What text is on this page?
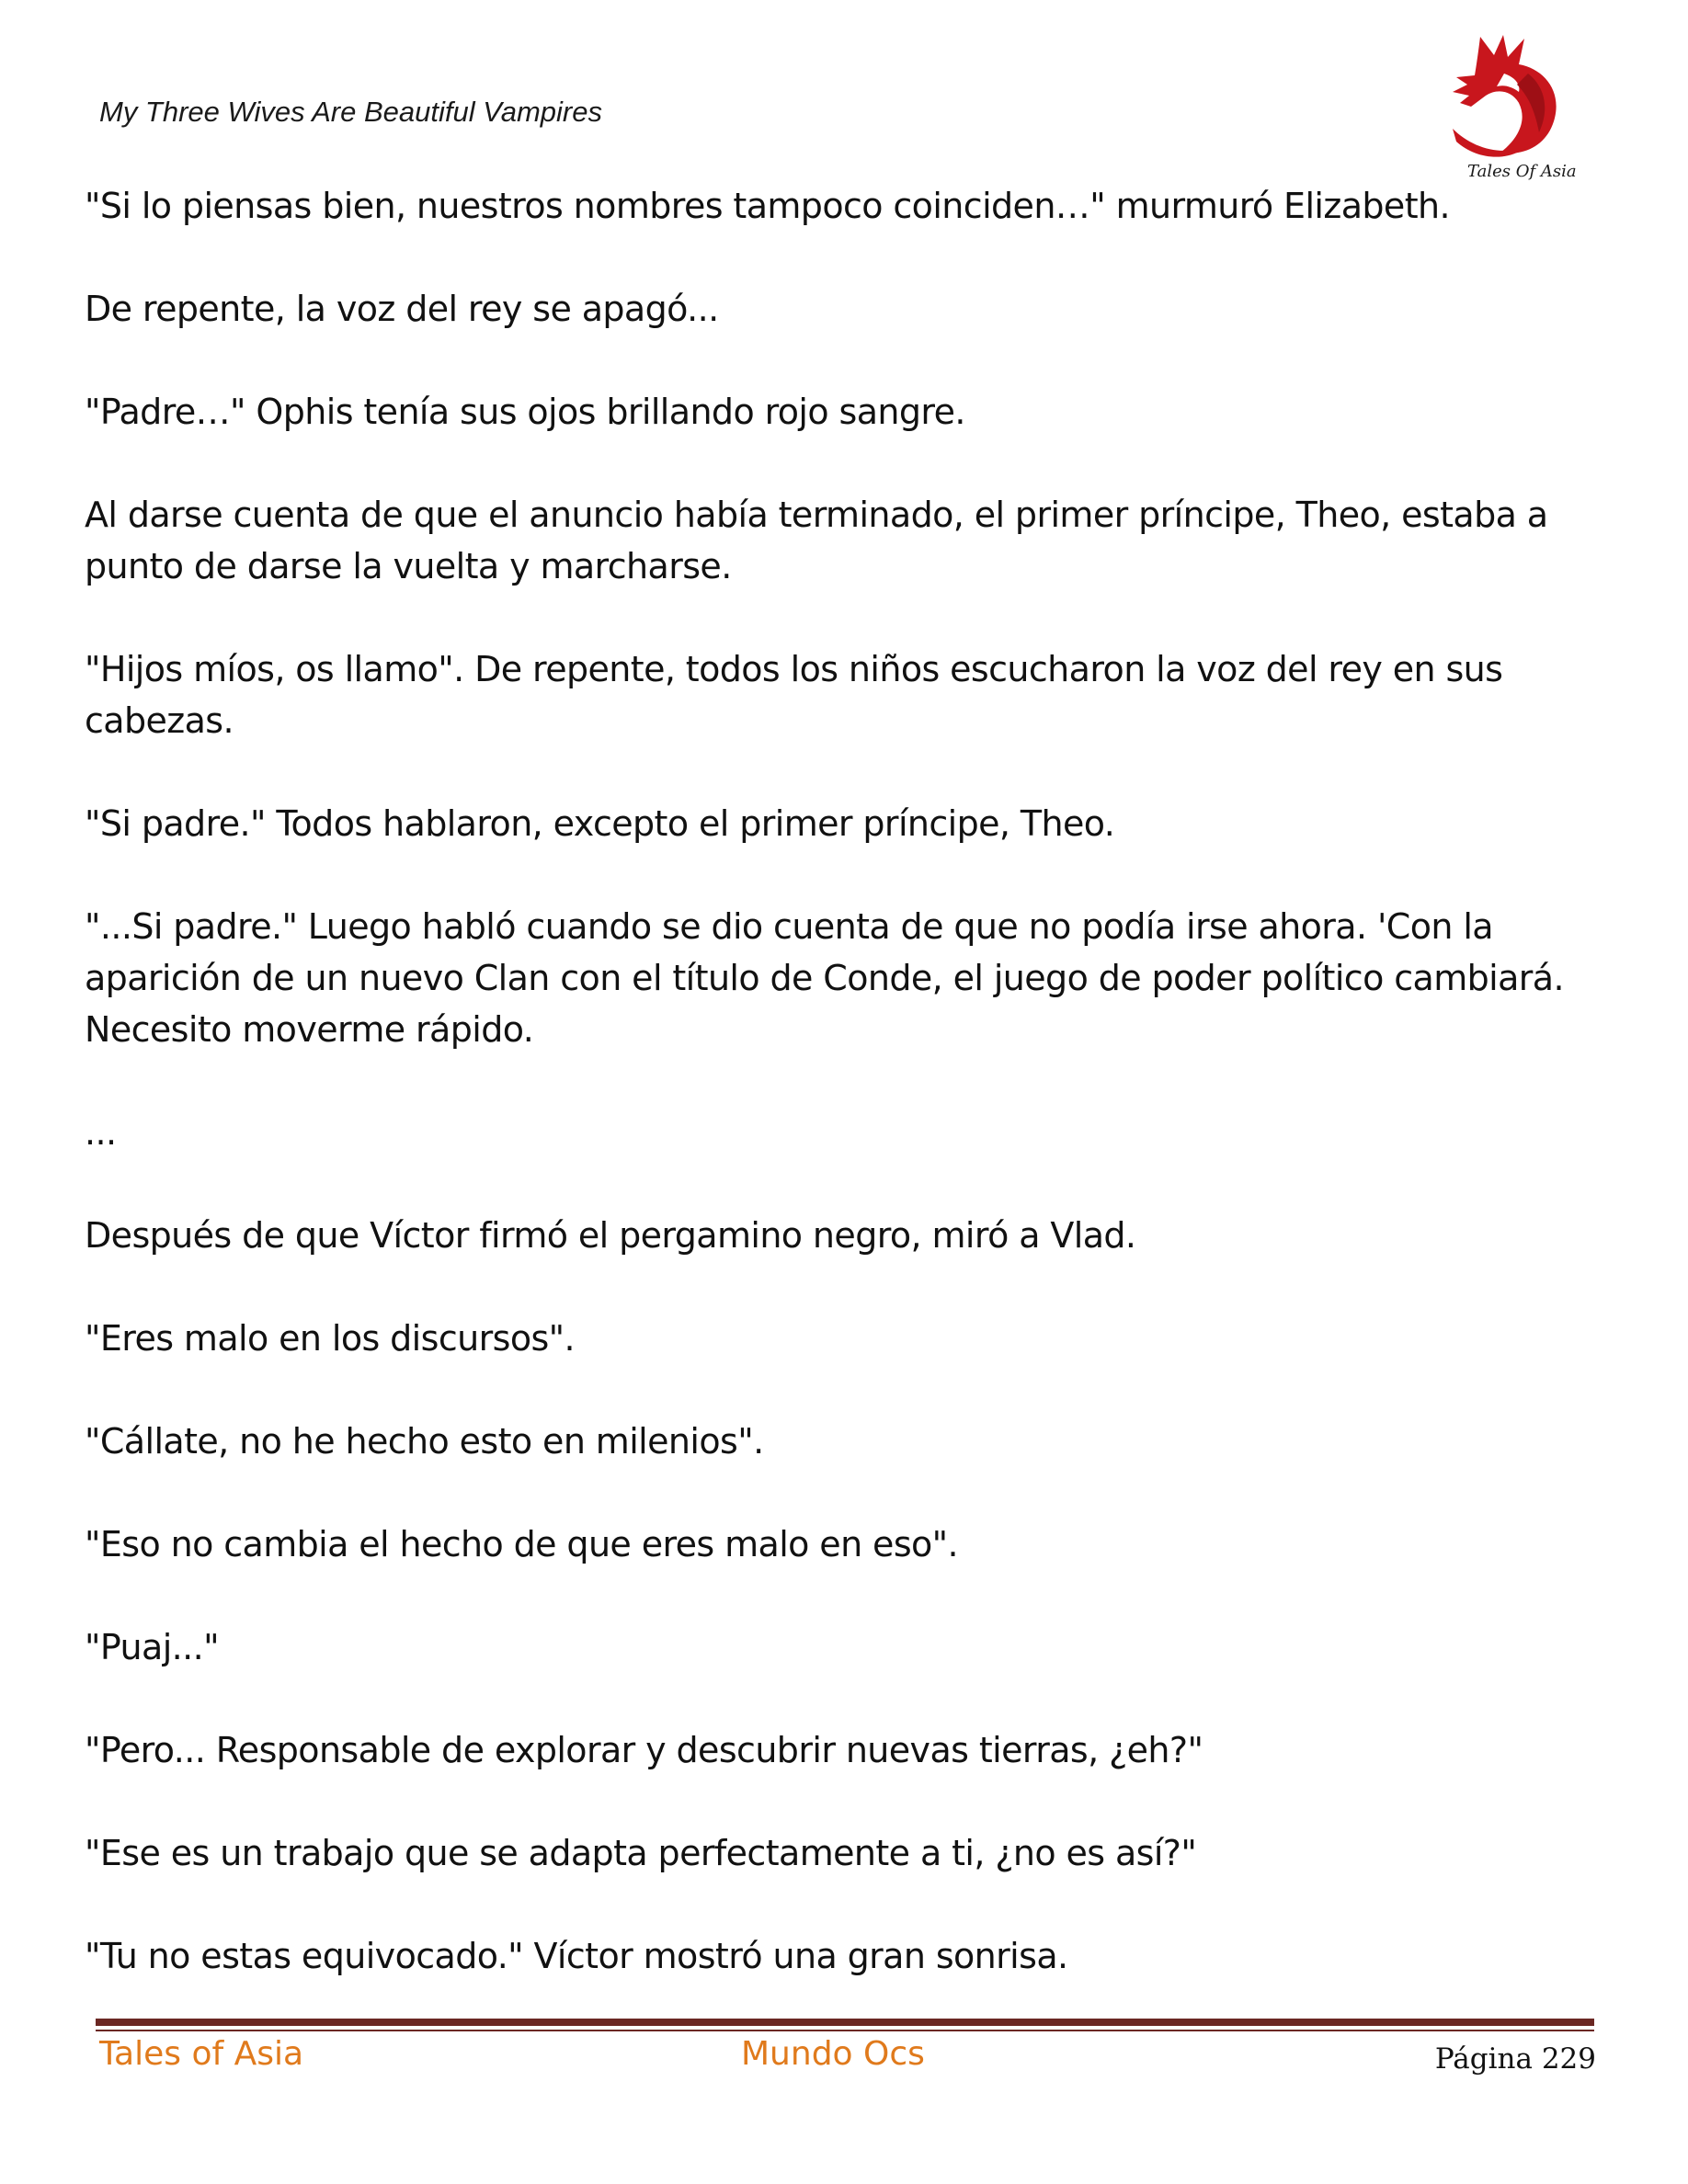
My Three Wives Are Beautiful Vampires
Tales Of Asia

"Si lo piensas bien, nuestros nombres tampoco coinciden…" murmuró Elizabeth.

De repente, la voz del rey se apagó...

"Padre…" Ophis tenía sus ojos brillando rojo sangre.

Al darse cuenta de que el anuncio había terminado, el primer príncipe, Theo, estaba a punto de darse la vuelta y marcharse.

"Hijos míos, os llamo". De repente, todos los niños escucharon la voz del rey en sus cabezas.

"Si padre." Todos hablaron, excepto el primer príncipe, Theo.

"...Si padre." Luego habló cuando se dio cuenta de que no podía irse ahora. 'Con la aparición de un nuevo Clan con el título de Conde, el juego de poder político cambiará. Necesito moverme rápido.

...

Después de que Víctor firmó el pergamino negro, miró a Vlad.

"Eres malo en los discursos".

"Cállate, no he hecho esto en milenios".

"Eso no cambia el hecho de que eres malo en eso".

"Puaj..."

"Pero... Responsable de explorar y descubrir nuevas tierras, ¿eh?"

"Ese es un trabajo que se adapta perfectamente a ti, ¿no es así?"

"Tu no estas equivocado." Víctor mostró una gran sonrisa.

Tales of Asia	Mundo Ocs	Página 229
